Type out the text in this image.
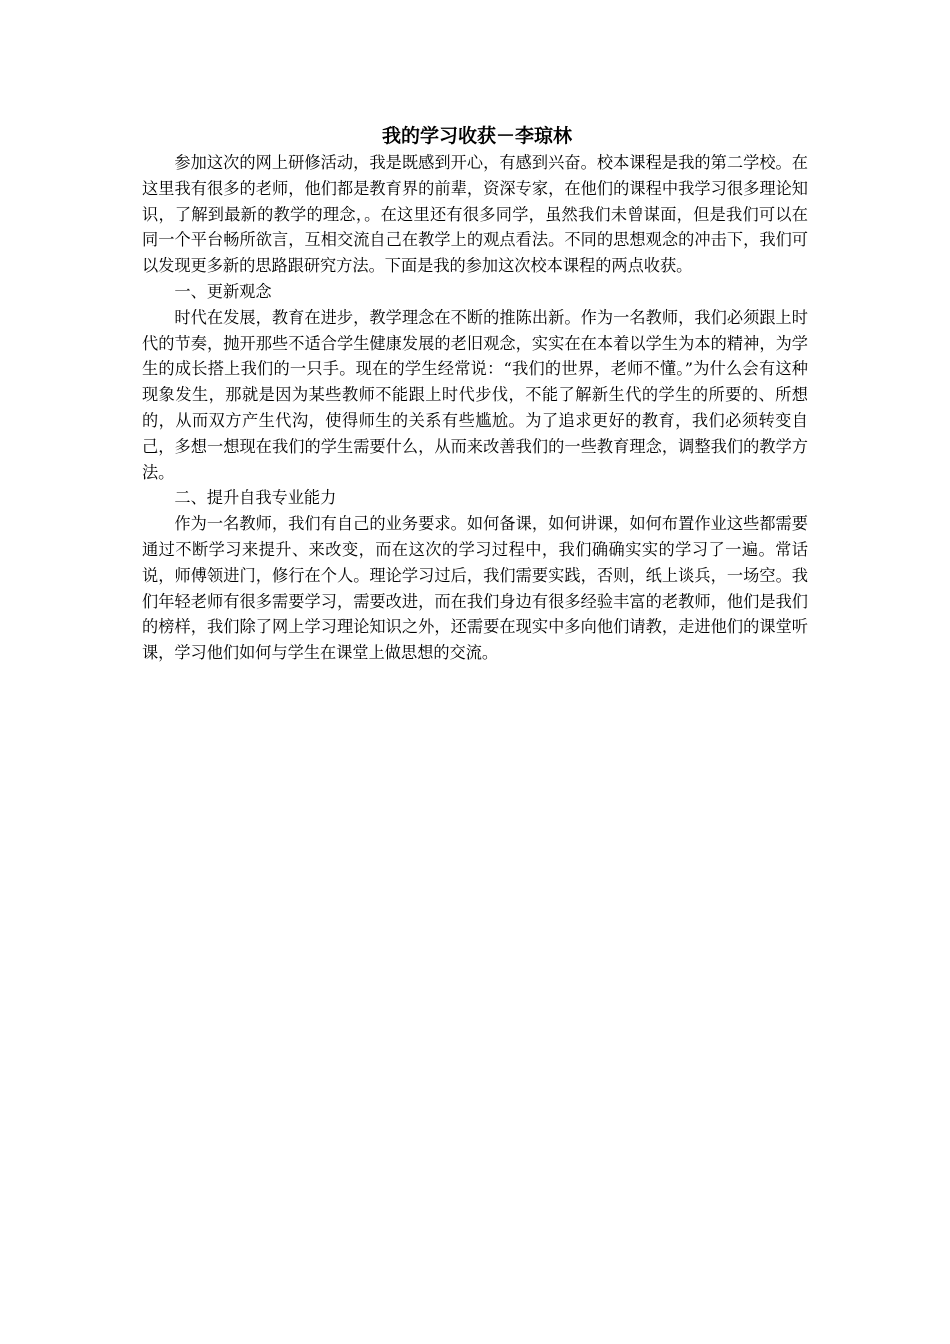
我的学习收获－李琼林

参加这次的网上研修活动，我是既感到开心，有感到兴奋。校本课程是我的第二学校。在这里我有很多的老师，他们都是教育界的前辈，资深专家，在他们的课程中我学习很多理论知识，了解到最新的教学的理念，。在这里还有很多同学，虽然我们未曾谋面，但是我们可以在同一个平台畅所欲言，互相交流自己在教学上的观点看法。不同的思想观念的冲击下，我们可以发现更多新的思路跟研究方法。下面是我的参加这次校本课程的两点收获。

一、更新观念

时代在发展，教育在进步，教学理念在不断的推陈出新。作为一名教师，我们必须跟上时代的节奏，抛开那些不适合学生健康发展的老旧观念，实实在在本着以学生为本的精神，为学生的成长搭上我们的一只手。现在的学生经常说：“我们的世界，老师不懂。”为什么会有这种现象发生，那就是因为某些教师不能跟上时代步伐，不能了解新生代的学生的所要的、所想的，从而双方产生代沟，使得师生的关系有些尴尬。为了追求更好的教育，我们必须转变自己，多想一想现在我们的学生需要什么，从而来改善我们的一些教育理念，调整我们的教学方法。

二、提升自我专业能力

作为一名教师，我们有自己的业务要求。如何备课，如何讲课，如何布置作业这些都需要通过不断学习来提升、来改变，而在这次的学习过程中，我们确确实实的学习了一遍。常话说，师傅领进门，修行在个人。理论学习过后，我们需要实践，否则，纸上谈兵，一场空。我们年轻老师有很多需要学习，需要改进，而在我们身边有很多经验丰富的老教师，他们是我们的榜样，我们除了网上学习理论知识之外，还需要在现实中多向他们请教，走进他们的课堂听课，学习他们如何与学生在课堂上做思想的交流。
